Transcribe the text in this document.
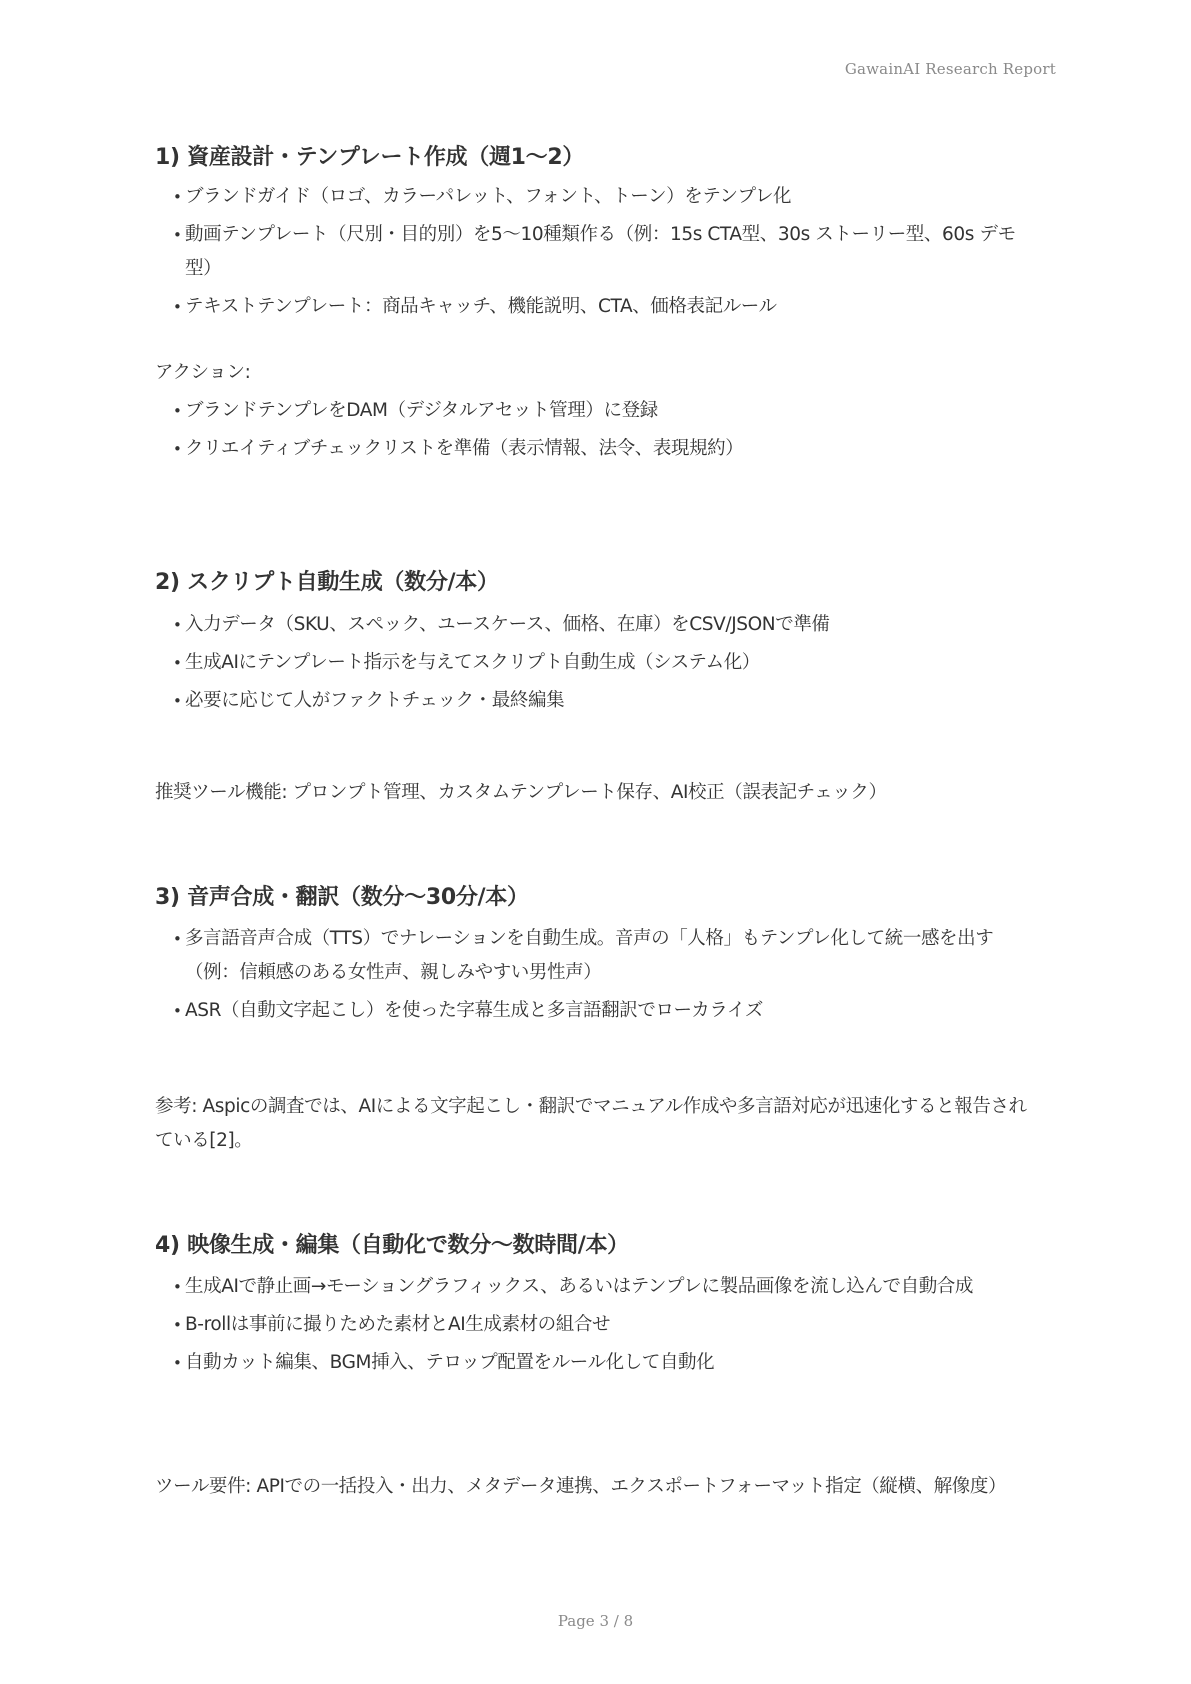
GawainAI Research Report
1) 資産設計・テンプレート作成（週1〜2）
• ブランドガイド（ロゴ、カラーパレット、フォント、トーン）をテンプレ化
• 動画テンプレート（尺別・目的別）を5〜10種類作る（例：15s CTA型、30s ストーリー型、60s デモ型）
• テキストテンプレート：商品キャッチ、機能説明、CTA、価格表記ルール

アクション:

• ブランドテンプレをDAM（デジタルアセット管理）に登録
• クリエイティブチェックリストを準備（表示情報、法令、表現規約）
2) スクリプト自動生成（数分/本）
• 入力データ（SKU、スペック、ユースケース、価格、在庫）をCSV/JSONで準備
• 生成AIにテンプレート指示を与えてスクリプト自動生成（システム化）
• 必要に応じて人がファクトチェック・最終編集

推奨ツール機能: プロンプト管理、カスタムテンプレート保存、AI校正（誤表記チェック）

3) 音声合成・翻訳（数分〜30分/本）
• 多言語音声合成（TTS）でナレーションを自動生成。音声の「人格」もテンプレ化して統一感を出す（例：信頼感のある女性声、親しみやすい男性声）
• ASR（自動文字起こし）を使った字幕生成と多言語翻訳でローカライズ

参考: Aspicの調査では、AIによる文字起こし・翻訳でマニュアル作成や多言語対応が迅速化すると報告されている[2]。

4) 映像生成・編集（自動化で数分〜数時間/本）
• 生成AIで静止画→モーショングラフィックス、あるいはテンプレに製品画像を流し込んで自動合成
• B-rollは事前に撮りためた素材とAI生成素材の組合せ
• 自動カット編集、BGM挿入、テロップ配置をルール化して自動化

ツール要件: APIでの一括投入・出力、メタデータ連携、エクスポートフォーマット指定（縦横、解像度）

Page 3 / 8
